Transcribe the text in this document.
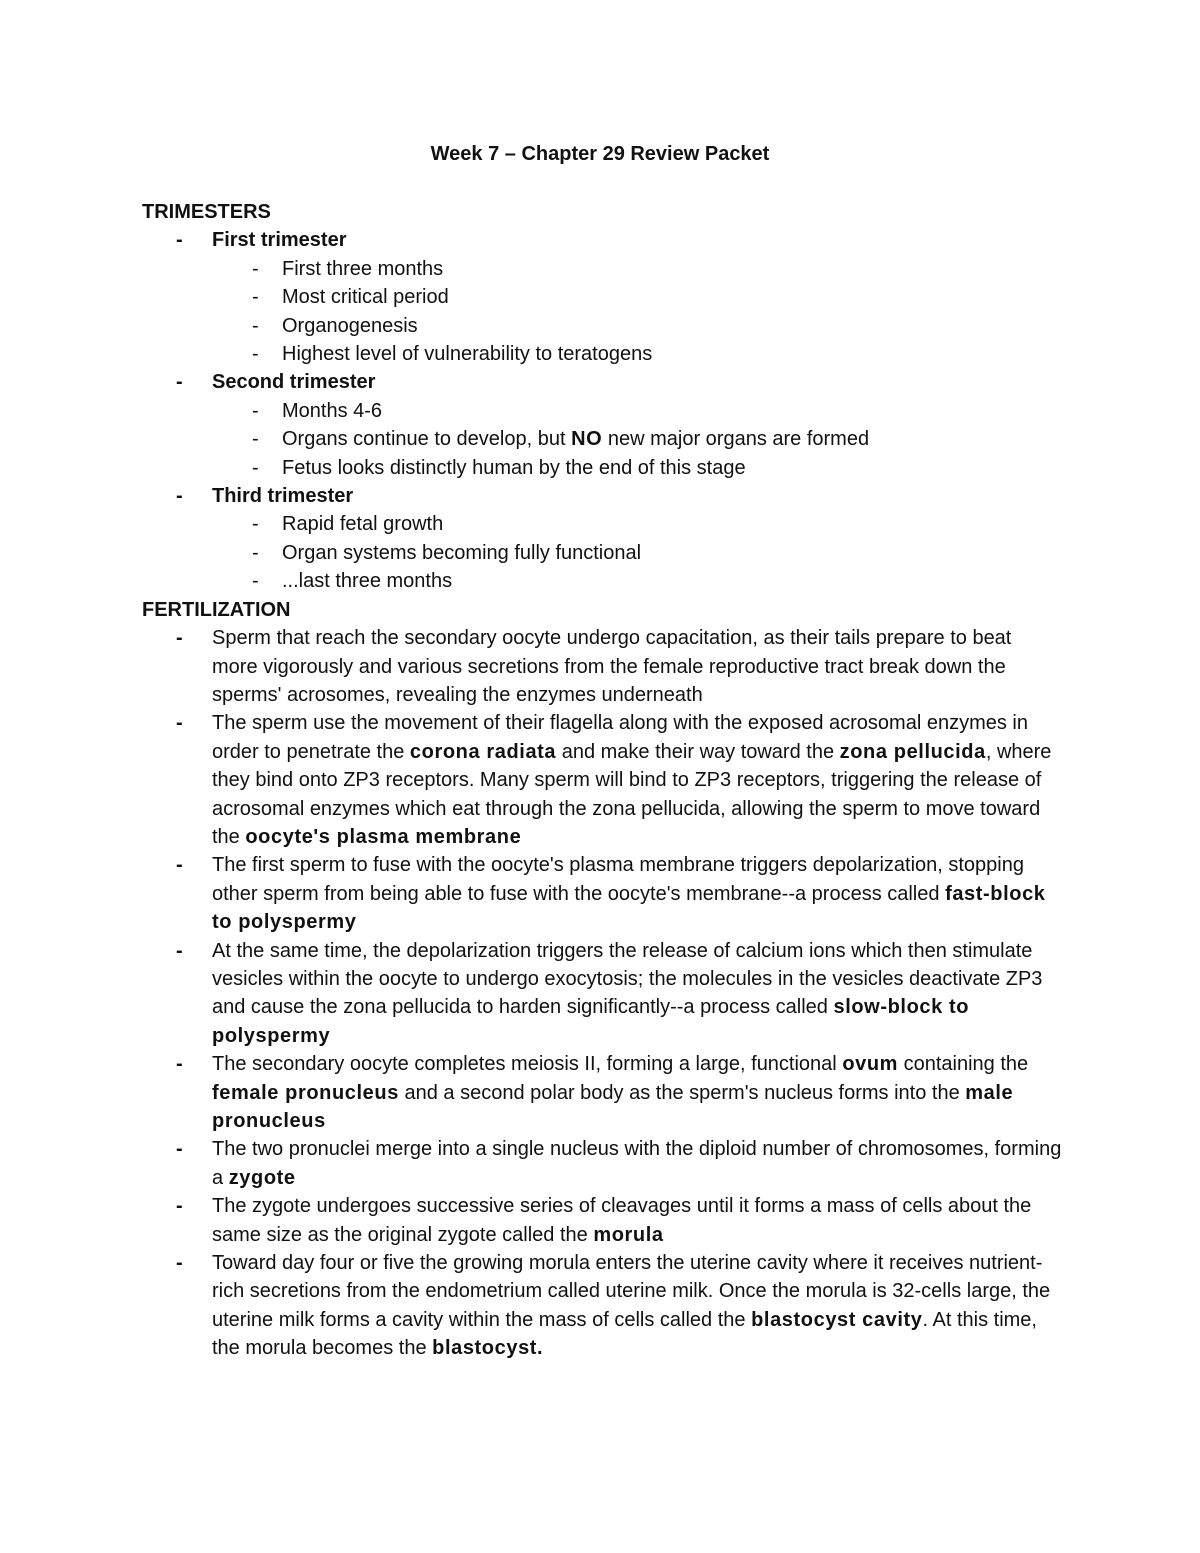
Week 7 – Chapter 29 Review Packet
TRIMESTERS
- First trimester
- First three months
- Most critical period
- Organogenesis
- Highest level of vulnerability to teratogens
- Second trimester
- Months 4-6
- Organs continue to develop, but NO new major organs are formed
- Fetus looks distinctly human by the end of this stage
- Third trimester
- Rapid fetal growth
- Organ systems becoming fully functional
- ...last three months
FERTILIZATION
- Sperm that reach the secondary oocyte undergo capacitation, as their tails prepare to beat more vigorously and various secretions from the female reproductive tract break down the sperms' acrosomes, revealing the enzymes underneath
- The sperm use the movement of their flagella along with the exposed acrosomal enzymes in order to penetrate the corona radiata and make their way toward the zona pellucida, where they bind onto ZP3 receptors. Many sperm will bind to ZP3 receptors, triggering the release of acrosomal enzymes which eat through the zona pellucida, allowing the sperm to move toward the oocyte's plasma membrane
- The first sperm to fuse with the oocyte's plasma membrane triggers depolarization, stopping other sperm from being able to fuse with the oocyte's membrane--a process called fast-block to polyspermy
- At the same time, the depolarization triggers the release of calcium ions which then stimulate vesicles within the oocyte to undergo exocytosis; the molecules in the vesicles deactivate ZP3 and cause the zona pellucida to harden significantly--a process called slow-block to polyspermy
- The secondary oocyte completes meiosis II, forming a large, functional ovum containing the female pronucleus and a second polar body as the sperm's nucleus forms into the male pronucleus
- The two pronuclei merge into a single nucleus with the diploid number of chromosomes, forming a zygote
- The zygote undergoes successive series of cleavages until it forms a mass of cells about the same size as the original zygote called the morula
- Toward day four or five the growing morula enters the uterine cavity where it receives nutrient-rich secretions from the endometrium called uterine milk. Once the morula is 32-cells large, the uterine milk forms a cavity within the mass of cells called the blastocyst cavity. At this time, the morula becomes the blastocyst.
